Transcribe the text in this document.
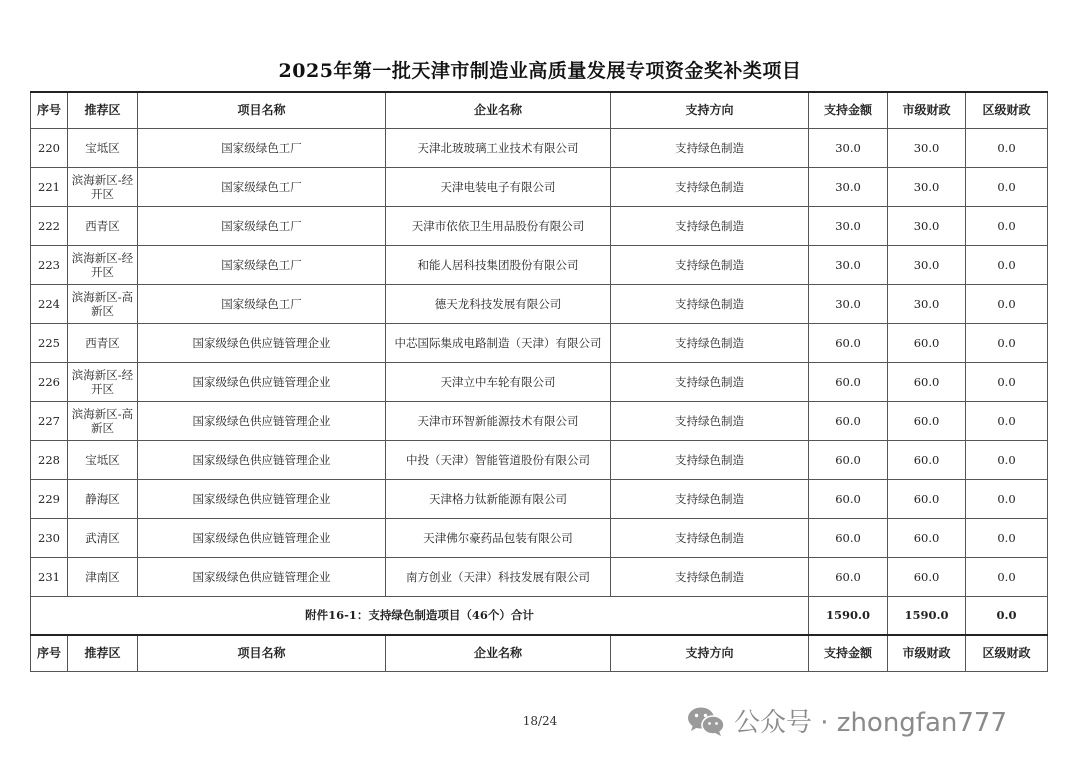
2025年第一批天津市制造业高质量发展专项资金奖补类项目
序号	推荐区	项目名称	企业名称	支持方向	支持金额	市级财政	区级财政
220	宝坻区	国家级绿色工厂	天津北玻玻璃工业技术有限公司	支持绿色制造	30.0	30.0	0.0
221	滨海新区-经开区	国家级绿色工厂	天津电装电子有限公司	支持绿色制造	30.0	30.0	0.0
222	西青区	国家级绿色工厂	天津市依依卫生用品股份有限公司	支持绿色制造	30.0	30.0	0.0
223	滨海新区-经开区	国家级绿色工厂	和能人居科技集团股份有限公司	支持绿色制造	30.0	30.0	0.0
224	滨海新区-高新区	国家级绿色工厂	德天龙科技发展有限公司	支持绿色制造	30.0	30.0	0.0
225	西青区	国家级绿色供应链管理企业	中芯国际集成电路制造（天津）有限公司	支持绿色制造	60.0	60.0	0.0
226	滨海新区-经开区	国家级绿色供应链管理企业	天津立中车轮有限公司	支持绿色制造	60.0	60.0	0.0
227	滨海新区-高新区	国家级绿色供应链管理企业	天津市环智新能源技术有限公司	支持绿色制造	60.0	60.0	0.0
228	宝坻区	国家级绿色供应链管理企业	中投（天津）智能管道股份有限公司	支持绿色制造	60.0	60.0	0.0
229	静海区	国家级绿色供应链管理企业	天津格力钛新能源有限公司	支持绿色制造	60.0	60.0	0.0
230	武清区	国家级绿色供应链管理企业	天津佛尔豪药品包装有限公司	支持绿色制造	60.0	60.0	0.0
231	津南区	国家级绿色供应链管理企业	南方创业（天津）科技发展有限公司	支持绿色制造	60.0	60.0	0.0
附件16-1：支持绿色制造项目（46个）合计					1590.0	1590.0	0.0
序号	推荐区	项目名称	企业名称	支持方向	支持金额	市级财政	区级财政
18/24	公众号 · zhongfan777
